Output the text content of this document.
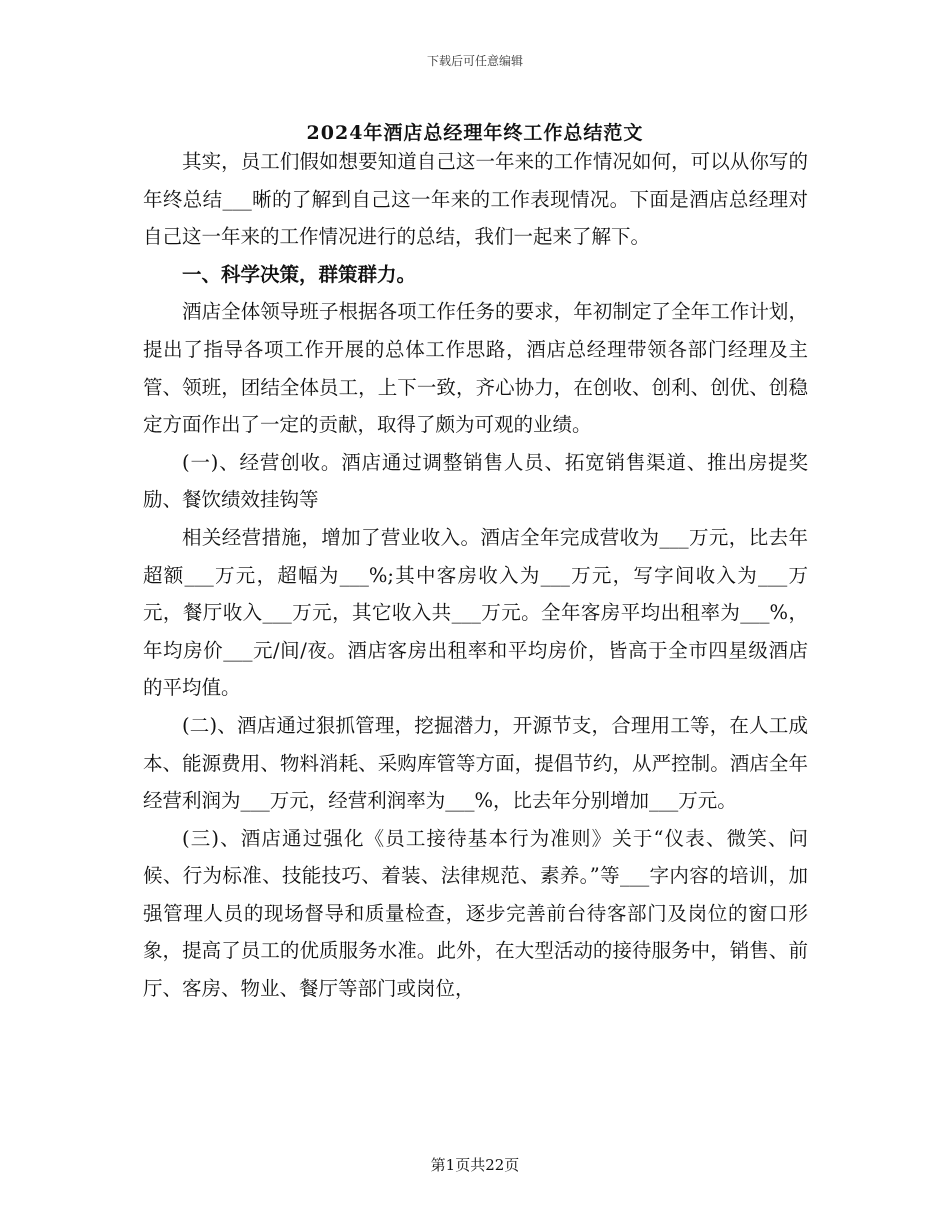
下载后可任意编辑
2024年酒店总经理年终工作总结范文

其实，员工们假如想要知道自己这一年来的工作情况如何，可以从你写的年终总结___晰的了解到自己这一年来的工作表现情况。下面是酒店总经理对自己这一年来的工作情况进行的总结，我们一起来了解下。

一、科学决策，群策群力。

酒店全体领导班子根据各项工作任务的要求，年初制定了全年工作计划，提出了指导各项工作开展的总体工作思路，酒店总经理带领各部门经理及主管、领班，团结全体员工，上下一致，齐心协力，在创收、创利、创优、创稳定方面作出了一定的贡献，取得了颇为可观的业绩。

(一)、经营创收。酒店通过调整销售人员、拓宽销售渠道、推出房提奖励、餐饮绩效挂钩等

相关经营措施，增加了营业收入。酒店全年完成营收为___万元，比去年超额___万元，超幅为___%;其中客房收入为___万元，写字间收入为___万元，餐厅收入___万元，其它收入共___万元。全年客房平均出租率为___%，年均房价___元/间/夜。酒店客房出租率和平均房价，皆高于全市四星级酒店的平均值。

(二)、酒店通过狠抓管理，挖掘潜力，开源节支，合理用工等，在人工成本、能源费用、物料消耗、采购库管等方面，提倡节约，从严控制。酒店全年经营利润为___万元，经营利润率为___%，比去年分别增加___万元。

(三)、酒店通过强化《员工接待基本行为准则》关于“仪表、微笑、问候、行为标准、技能技巧、着装、法律规范、素养。”等___字内容的培训，加强管理人员的现场督导和质量检查，逐步完善前台待客部门及岗位的窗口形象，提高了员工的优质服务水准。此外，在大型活动的接待服务中，销售、前厅、客房、物业、餐厅等部门或岗位，

第1页共22页
